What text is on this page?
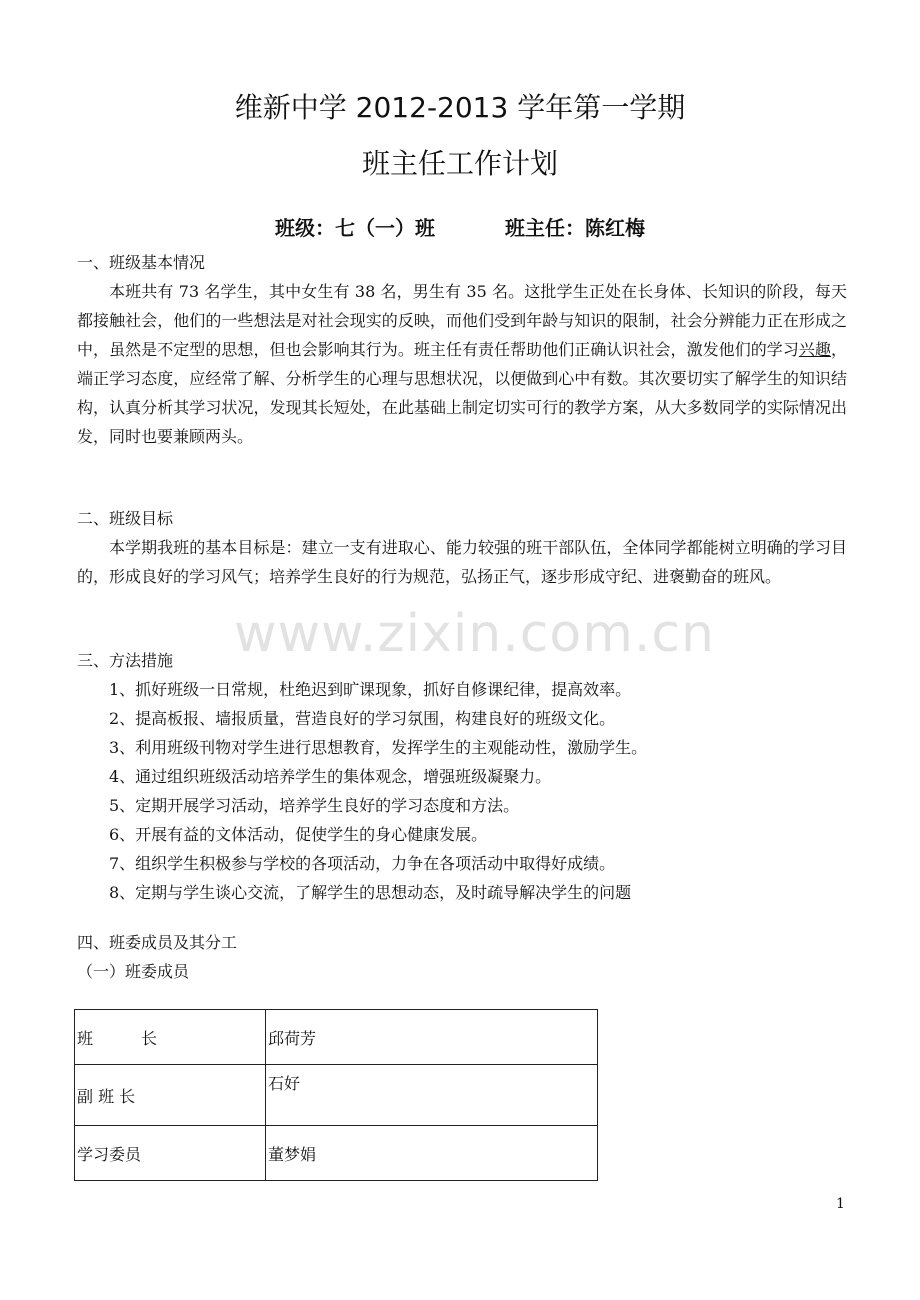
维新中学 2012-2013 学年第一学期
班主任工作计划
班级：七（一）班	班主任：陈红梅
一、班级基本情况
本班共有 73 名学生，其中女生有 38 名，男生有 35 名。这批学生正处在长身体、长知识的阶段，每天都接触社会，他们的一些想法是对社会现实的反映，而他们受到年龄与知识的限制，社会分辨能力正在形成之中，虽然是不定型的思想，但也会影响其行为。班主任有责任帮助他们正确认识社会，激发他们的学习兴趣，端正学习态度，应经常了解、分析学生的心理与思想状况，以便做到心中有数。其次要切实了解学生的知识结构，认真分析其学习状况，发现其长短处，在此基础上制定切实可行的教学方案，从大多数同学的实际情况出发，同时也要兼顾两头。
二、班级目标
本学期我班的基本目标是：建立一支有进取心、能力较强的班干部队伍，全体同学都能树立明确的学习目的，形成良好的学习风气；培养学生良好的行为规范，弘扬正气，逐步形成守纪、进褒勤奋的班风。
三、方法措施
1、抓好班级一日常规，杜绝迟到旷课现象，抓好自修课纪律，提高效率。
2、提高板报、墙报质量，营造良好的学习氛围，构建良好的班级文化。
3、利用班级刊物对学生进行思想教育，发挥学生的主观能动性，激励学生。
4、通过组织班级活动培养学生的集体观念，增强班级凝聚力。
5、定期开展学习活动，培养学生良好的学习态度和方法。
6、开展有益的文体活动，促使学生的身心健康发展。
7、组织学生积极参与学校的各项活动，力争在各项活动中取得好成绩。
8、定期与学生谈心交流，了解学生的思想动态，及时疏导解决学生的问题
四、班委成员及其分工
（一）班委成员
班　　　长	邱荷芳
副 班 长	石好
学习委员	董梦娟
www.zixin.com.cn
1
